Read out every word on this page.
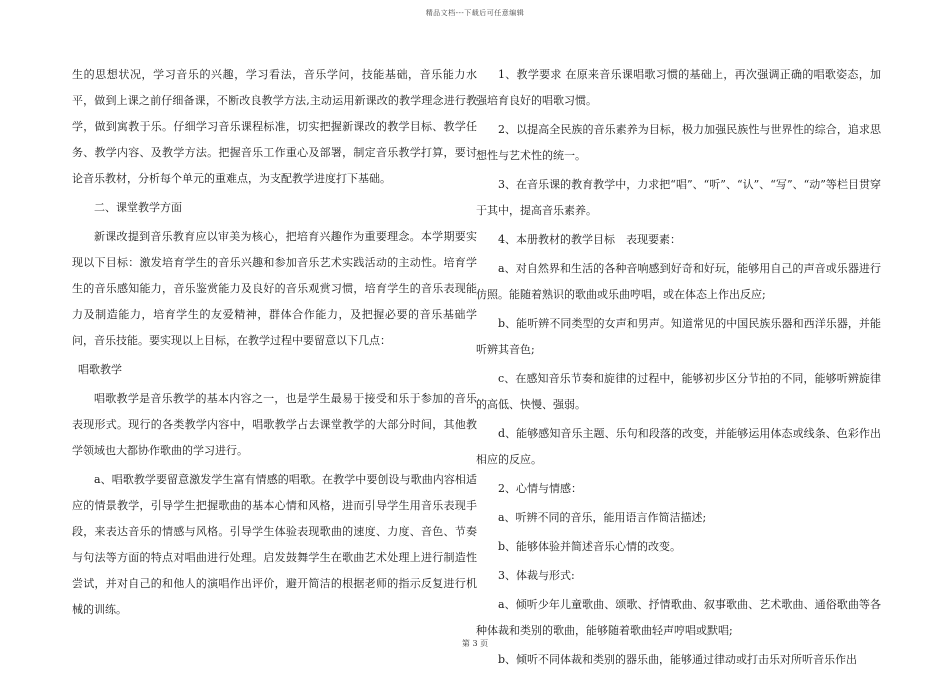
精品文档---下载后可任意编辑

生的思想状况，学习音乐的兴趣，学习看法，音乐学问，技能基础，音乐能力水平，做到上课之前仔细备课，不断改良教学方法,主动运用新课改的教学理念进行教学，做到寓教于乐。仔细学习音乐课程标准，切实把握新课改的教学目标、教学任务、教学内容、及教学方法。把握音乐工作重心及部署，制定音乐教学打算，要讨论音乐教材，分析每个单元的重难点，为支配教学进度打下基础。

二、课堂教学方面

新课改提到音乐教育应以审美为核心，把培育兴趣作为重要理念。本学期要实现以下目标：激发培育学生的音乐兴趣和参加音乐艺术实践活动的主动性。培育学生的音乐感知能力，音乐鉴赏能力及良好的音乐观赏习惯，培育学生的音乐表现能力及制造能力，培育学生的友爱精神，群体合作能力，及把握必要的音乐基础学问，音乐技能。要实现以上目标，在教学过程中要留意以下几点：

唱歌教学

唱歌教学是音乐教学的基本内容之一，也是学生最易于接受和乐于参加的音乐表现形式。现行的各类教学内容中，唱歌教学占去课堂教学的大部分时间，其他教学领域也大都协作歌曲的学习进行。

a、唱歌教学要留意激发学生富有情感的唱歌。在教学中要创设与歌曲内容相适应的情景教学，引导学生把握歌曲的基本心情和风格，进而引导学生用音乐表现手段，来表达音乐的情感与风格。引导学生体验表现歌曲的速度、力度、音色、节奏与句法等方面的特点对唱曲进行处理。启发鼓舞学生在歌曲艺术处理上进行制造性尝试，并对自己的和他人的演唱作出评价，避开简洁的根据老师的指示反复进行机械的训练。

1、教学要求 在原来音乐课唱歌习惯的基础上，再次强调正确的唱歌姿态，加强培育良好的唱歌习惯。

2、以提高全民族的音乐素养为目标，极力加强民族性与世界性的综合，追求思想性与艺术性的统一。

3、在音乐课的教育教学中，力求把“唱”、“听”、“认”、“写”、“动”等栏目贯穿于其中，提高音乐素养。

4、本册教材的教学目标　表现要素：

a、对自然界和生活的各种音响感到好奇和好玩，能够用自己的声音或乐器进行仿照。能随着熟识的歌曲或乐曲哼唱，或在体态上作出反应;

b、能听辨不同类型的女声和男声。知道常见的中国民族乐器和西洋乐器，并能听辨其音色;

c、在感知音乐节奏和旋律的过程中，能够初步区分节拍的不同，能够听辨旋律的高低、快慢、强弱。

d、能够感知音乐主题、乐句和段落的改变，并能够运用体态或线条、色彩作出相应的反应。

2、心情与情感：

a、听辨不同的音乐，能用语言作简洁描述;

b、能够体验并简述音乐心情的改变。

3、体裁与形式:

a、倾听少年儿童歌曲、颂歌、抒情歌曲、叙事歌曲、艺术歌曲、通俗歌曲等各种体裁和类别的歌曲，能够随着歌曲轻声哼唱或默唱;

b、倾听不同体裁和类别的器乐曲，能够通过律动或打击乐对所听音乐作出

第 3 页
